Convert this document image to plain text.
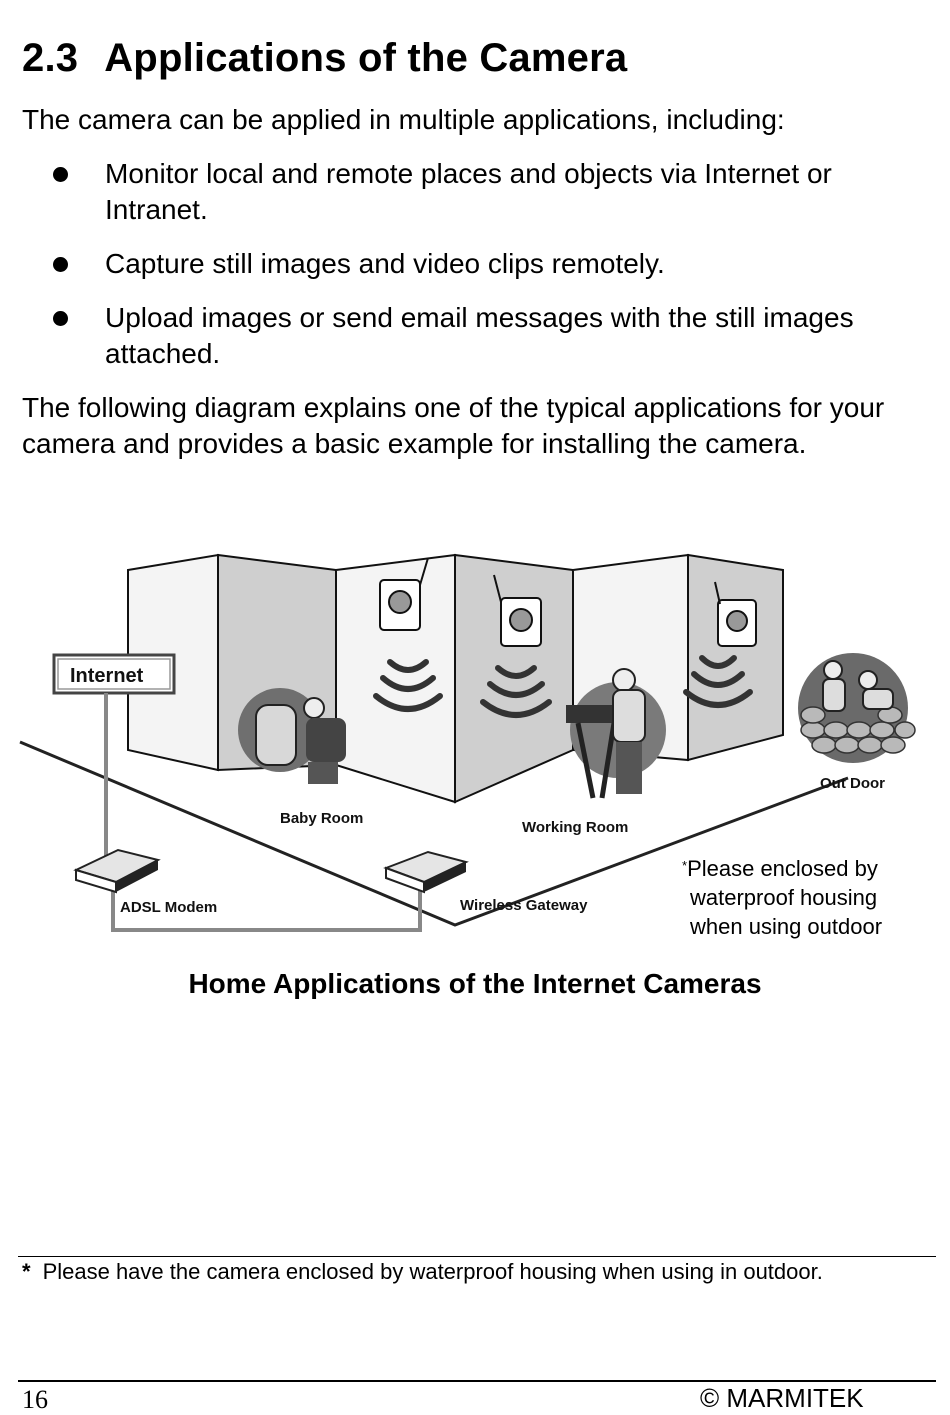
2.3 Applications of the Camera

The camera can be applied in multiple applications, including:

Monitor local and remote places and objects via Internet or Intranet.
Capture still images and video clips remotely.
Upload images or send email messages with the still images attached.

The following diagram explains one of the typical applications for your camera and provides a basic example for installing the camera.

Internet
Baby Room
Working Room
Out Door
ADSL Modem	Wireless Gateway
*Please enclosed by
waterproof housing
when using outdoor

Home Applications of the Internet Cameras

* Please have the camera enclosed by waterproof housing when using in outdoor.
16	© MARMITEK
